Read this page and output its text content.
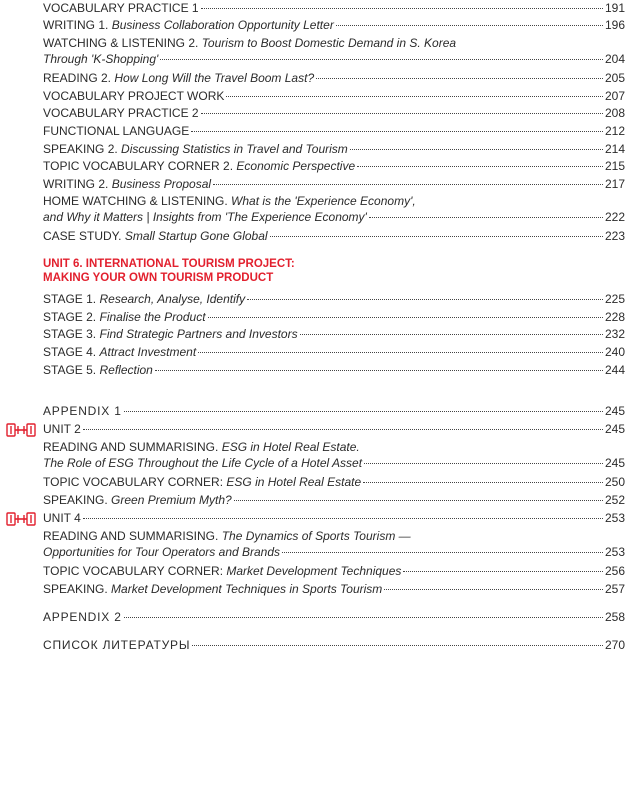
VOCABULARY PRACTICE 1	191
WRITING 1. Business Collaboration Opportunity Letter	196
WATCHING & LISTENING 2. Tourism to Boost Domestic Demand in S. Korea
Through 'K-Shopping'	204
READING 2. How Long Will the Travel Boom Last?	205
VOCABULARY PROJECT WORK	207
VOCABULARY PRACTICE 2	208
FUNCTIONAL LANGUAGE	212
SPEAKING 2. Discussing Statistics in Travel and Tourism	214
TOPIC VOCABULARY CORNER 2. Economic Perspective	215
WRITING 2. Business Proposal	217
HOME WATCHING & LISTENING. What is the 'Experience Economy',
and Why it Matters | Insights from 'The Experience Economy'	222
CASE STUDY. Small Startup Gone Global	223
UNIT 6. INTERNATIONAL TOURISM PROJECT:
MAKING YOUR OWN TOURISM PRODUCT
STAGE 1. Research, Analyse, Identify	225
STAGE 2. Finalise the Product	228
STAGE 3. Find Strategic Partners and Investors	232
STAGE 4. Attract Investment	240
STAGE 5. Reflection	244
APPENDIX 1	245
UNIT 2	245
READING AND SUMMARISING. ESG in Hotel Real Estate.
The Role of ESG Throughout the Life Cycle of a Hotel Asset	245
TOPIC VOCABULARY CORNER: ESG in Hotel Real Estate	250
SPEAKING. Green Premium Myth?	252
UNIT 4	253
READING AND SUMMARISING. The Dynamics of Sports Tourism —
Opportunities for Tour Operators and Brands	253
TOPIC VOCABULARY CORNER: Market Development Techniques	256
SPEAKING. Market Development Techniques in Sports Tourism	257
APPENDIX 2	258
СПИСОК ЛИТЕРАТУРЫ	270
